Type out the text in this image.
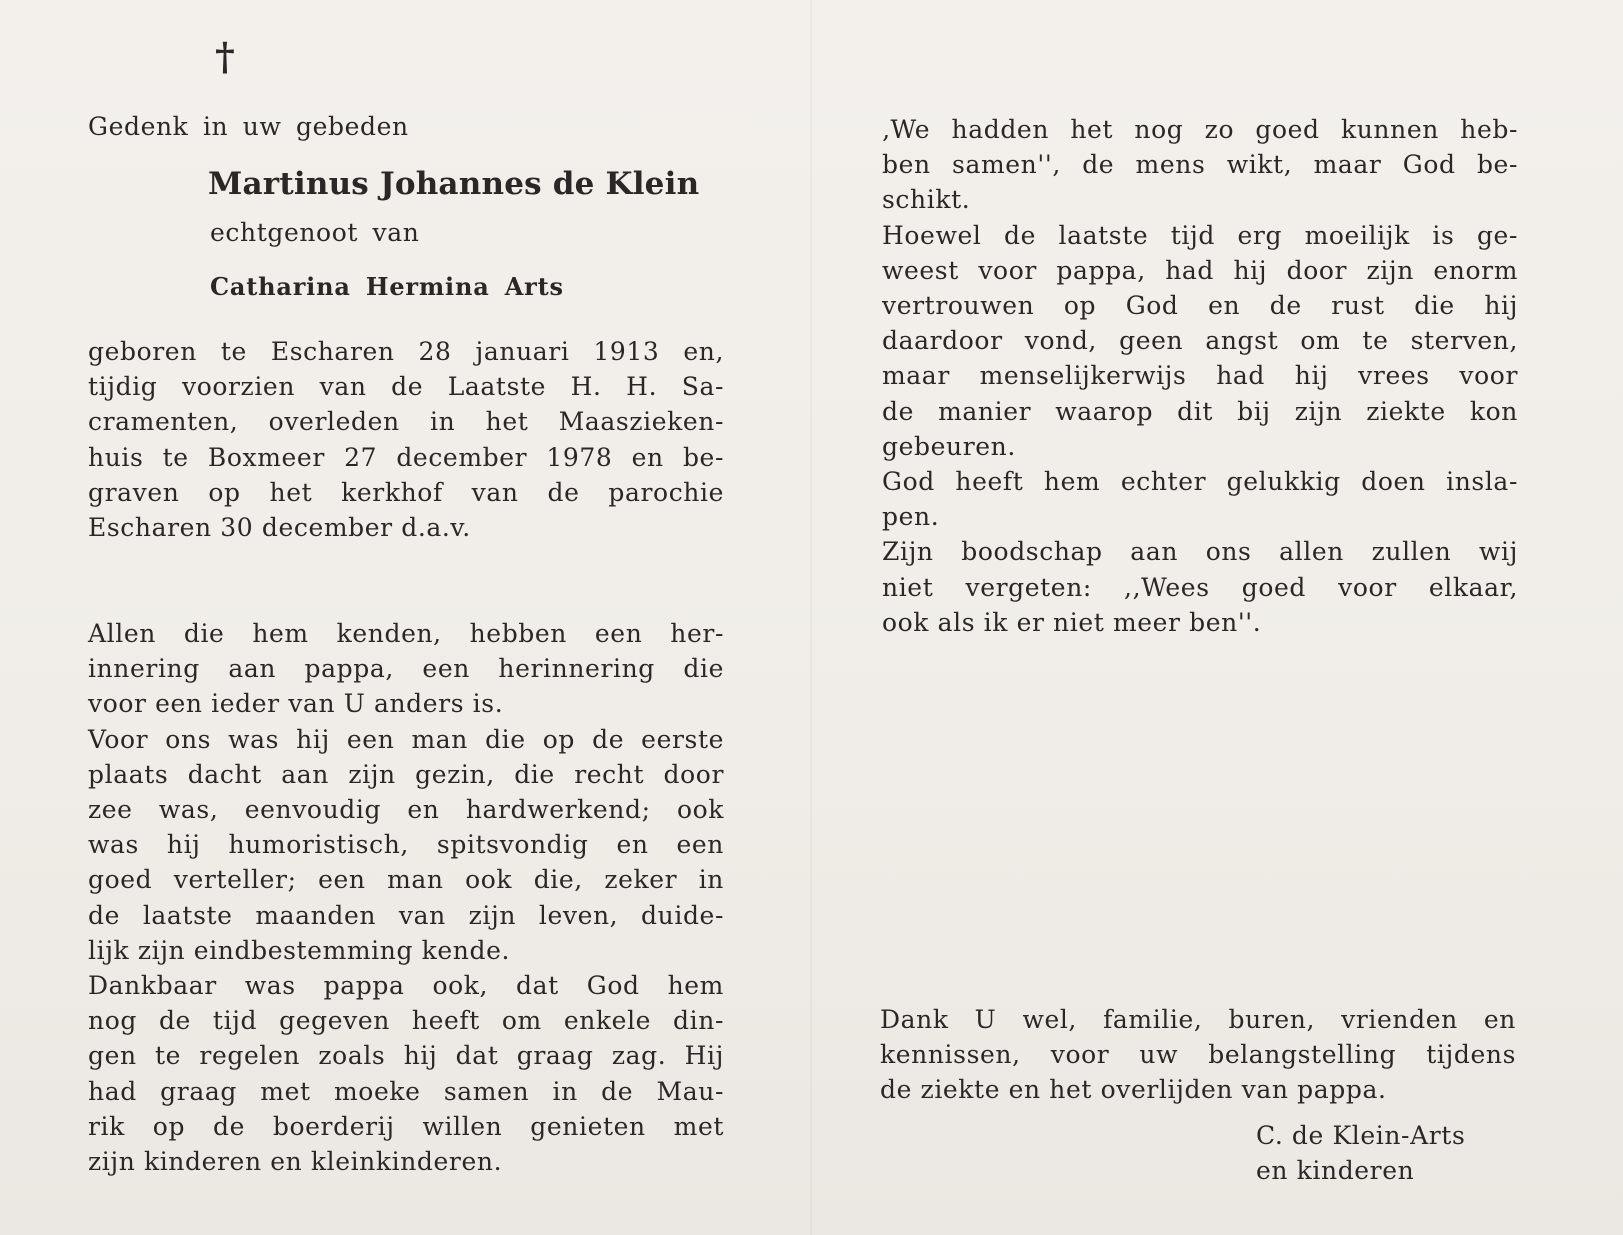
†
Gedenk in uw gebeden
Martinus Johannes de Klein
echtgenoot van
Catharina Hermina Arts
geboren te Escharen 28 januari 1913 en,
tijdig voorzien van de Laatste H. H. Sa-
cramenten, overleden in het Maaszieken-
huis te Boxmeer 27 december 1978 en be-
graven op het kerkhof van de parochie
Escharen 30 december d.a.v.
Allen die hem kenden, hebben een her-
innering aan pappa, een herinnering die
voor een ieder van U anders is.
Voor ons was hij een man die op de eerste
plaats dacht aan zijn gezin, die recht door
zee was, eenvoudig en hardwerkend; ook
was hij humoristisch, spitsvondig en een
goed verteller; een man ook die, zeker in
de laatste maanden van zijn leven, duide-
lijk zijn eindbestemming kende.
Dankbaar was pappa ook, dat God hem
nog de tijd gegeven heeft om enkele din-
gen te regelen zoals hij dat graag zag. Hij
had graag met moeke samen in de Mau-
rik op de boerderij willen genieten met
zijn kinderen en kleinkinderen.
‚We hadden het nog zo goed kunnen heb-
ben samen'', de mens wikt, maar God be-
schikt.
Hoewel de laatste tijd erg moeilijk is ge-
weest voor pappa, had hij door zijn enorm
vertrouwen op God en de rust die hij
daardoor vond, geen angst om te sterven,
maar menselijkerwijs had hij vrees voor
de manier waarop dit bij zijn ziekte kon
gebeuren.
God heeft hem echter gelukkig doen insla-
pen.
Zijn boodschap aan ons allen zullen wij
niet vergeten: ,,Wees goed voor elkaar,
ook als ik er niet meer ben''.
Dank U wel, familie, buren, vrienden en
kennissen, voor uw belangstelling tijdens
de ziekte en het overlijden van pappa.
C. de Klein-Arts
en kinderen
